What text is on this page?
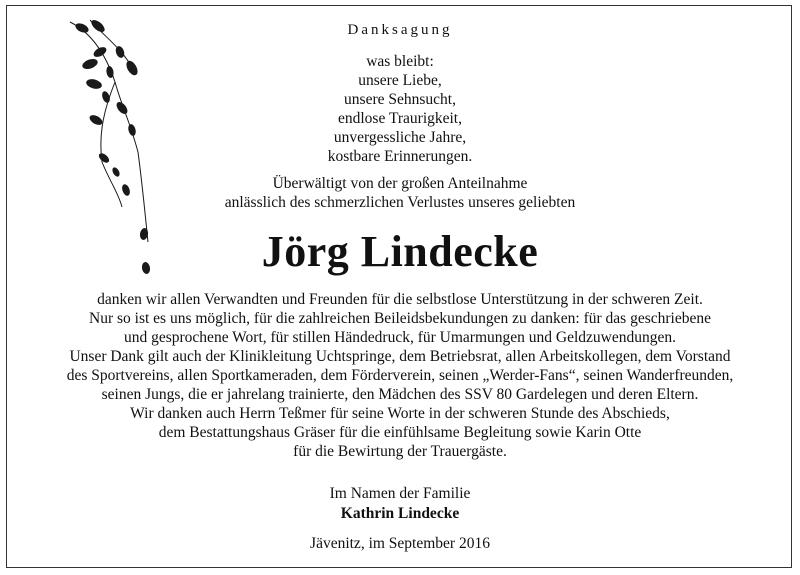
Danksagung
was bleibt:
unsere Liebe,
unsere Sehnsucht,
endlose Traurigkeit,
unvergessliche Jahre,
kostbare Erinnerungen.
Überwältigt von der großen Anteilnahme
anlässlich des schmerzlichen Verlustes unseres geliebten
Jörg Lindecke
danken wir allen Verwandten und Freunden für die selbstlose Unterstützung in der schweren Zeit.
Nur so ist es uns möglich, für die zahlreichen Beileidsbekundungen zu danken: für das geschriebene
und gesprochene Wort, für stillen Händedruck, für Umarmungen und Geldzuwendungen.
Unser Dank gilt auch der Klinikleitung Uchtspringe, dem Betriebsrat, allen Arbeitskollegen, dem Vorstand
des Sportvereins, allen Sportkameraden, dem Förderverein, seinen „Werder-Fans“, seinen Wanderfreunden,
seinen Jungs, die er jahrelang trainierte, den Mädchen des SSV 80 Gardelegen und deren Eltern.
Wir danken auch Herrn Teßmer für seine Worte in der schweren Stunde des Abschieds,
dem Bestattungshaus Gräser für die einfühlsame Begleitung sowie Karin Otte
für die Bewirtung der Trauergäste.
Im Namen der Familie
Kathrin Lindecke
Jävenitz, im September 2016
